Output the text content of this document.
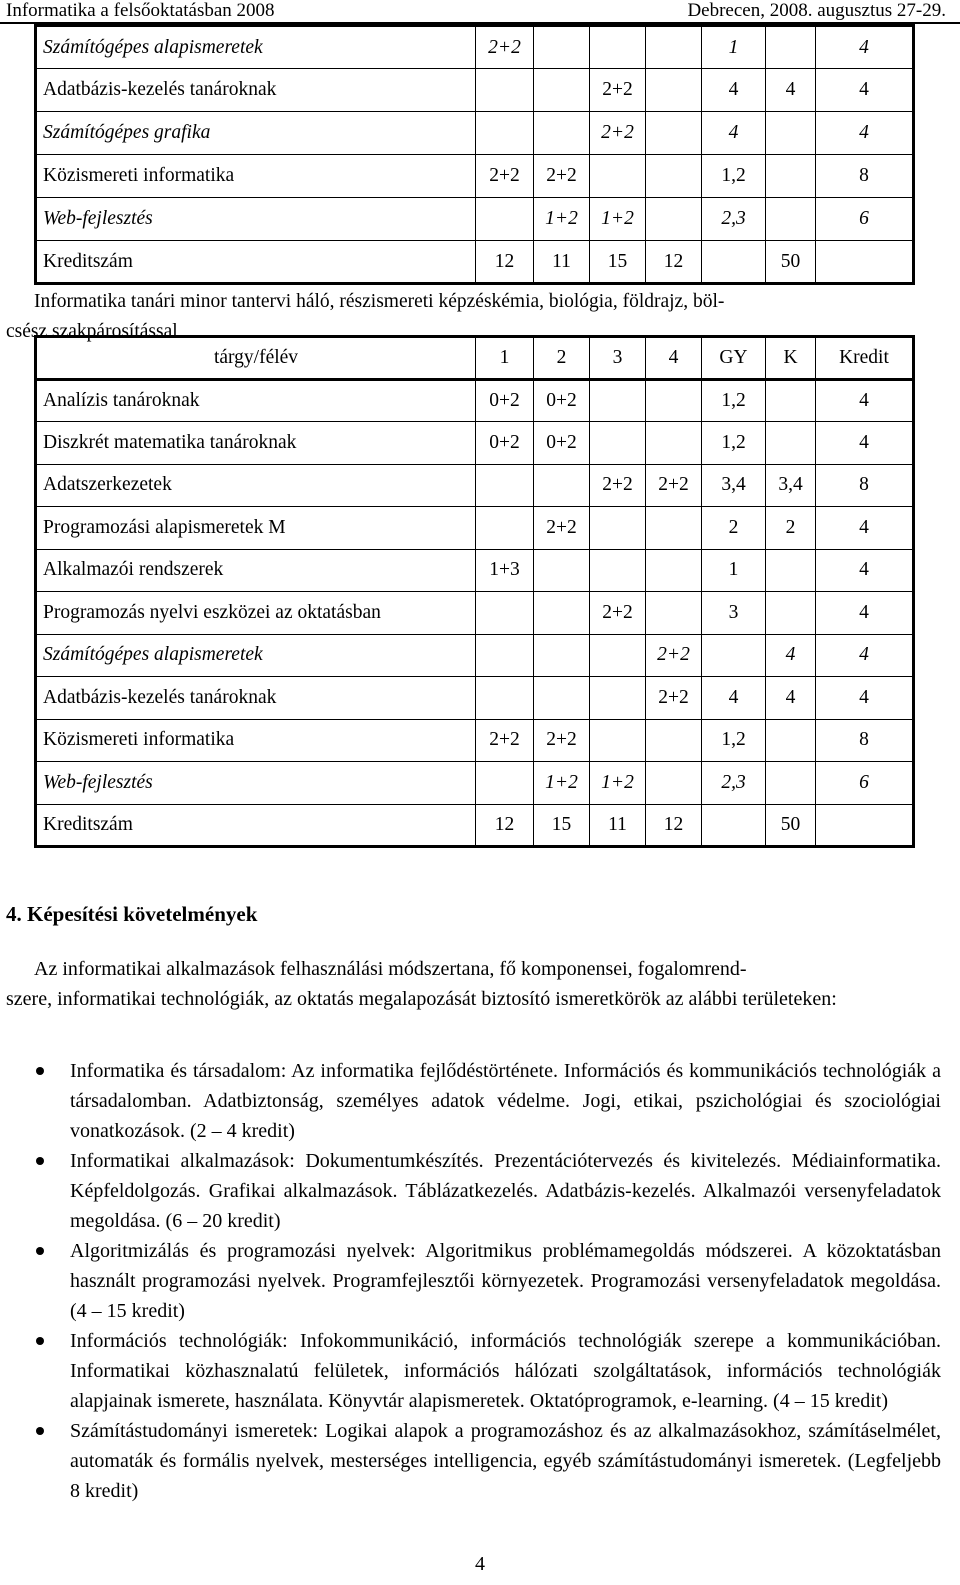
Informatika a felsőoktatásban 2008	Debrecen, 2008. augusztus 27-29.
Számítógépes alapismeretek	2+2				1		4
Adatbázis-kezelés tanároknak			2+2		4	4	4
Számítógépes grafika			2+2		4		4
Közismereti informatika	2+2	2+2			1,2		8
Web-fejlesztés		1+2	1+2		2,3		6
Kreditszám	12	11	15	12		50	
Informatika tanári minor tantervi háló, részismereti képzéskémia, biológia, földrajz, böl-
csész szakpárosítással
tárgy/félév	1	2	3	4	GY	K	Kredit
Analízis tanároknak	0+2	0+2			1,2		4
Diszkrét matematika tanároknak	0+2	0+2			1,2		4
Adatszerkezetek			2+2	2+2	3,4	3,4	8
Programozási alapismeretek M		2+2			2	2	4
Alkalmazói rendszerek	1+3				1		4
Programozás nyelvi eszközei az oktatásban			2+2		3		4
Számítógépes alapismeretek				2+2		4	4
Adatbázis-kezelés tanároknak				2+2	4	4	4
Közismereti informatika	2+2	2+2			1,2		8
Web-fejlesztés		1+2	1+2		2,3		6
Kreditszám	12	15	11	12		50	
4. Képesítési követelmények
Az informatikai alkalmazások felhasználási módszertana, fő komponensei, fogalomrend-
szere, informatikai technológiák, az oktatás megalapozását biztosító ismeretkörök az alábbi területeken:
Informatika és társadalom: Az informatika fejlődéstörténete. Információs és kommunikációs technológiák a társadalomban. Adatbiztonság, személyes adatok védelme. Jogi, etikai, pszichológiai és szociológiai vonatkozások. (2 – 4 kredit)
Informatikai alkalmazások: Dokumentumkészítés. Prezentációtervezés és kivitelezés. Médiainformatika. Képfeldolgozás. Grafikai alkalmazások. Táblázatkezelés. Adatbázis-kezelés. Alkalmazói versenyfeladatok megoldása. (6 – 20 kredit)
Algoritmizálás és programozási nyelvek: Algoritmikus problémamegoldás módszerei. A közoktatásban használt programozási nyelvek. Programfejlesztői környezetek. Programozási versenyfeladatok megoldása. (4 – 15 kredit)
Információs technológiák: Infokommunikáció, információs technológiák szerepe a kommunikációban. Informatikai közhasznalatú felületek, információs hálózati szolgáltatások, információs technológiák alapjainak ismerete, használata. Könyvtár alapismeretek. Oktatóprogramok, e-learning. (4 – 15 kredit)
Számítástudományi ismeretek: Logikai alapok a programozáshoz és az alkalmazásokhoz, számításelmélet, automaták és formális nyelvek, mesterséges intelligencia, egyéb számítástudományi ismeretek. (Legfeljebb 8 kredit)
4
